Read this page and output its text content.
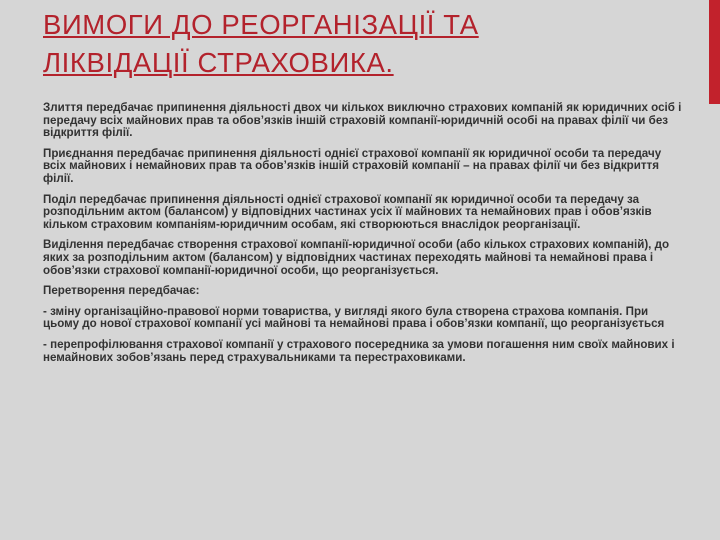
ВИМОГИ ДО РЕОРГАНІЗАЦІЇ ТА
ЛІКВІДАЦІЇ СТРАХОВИКА.

Злиття передбачає припинення діяльності двох чи кількох виключно страхових компаній як юридичних осіб і передачу всіх майнових прав та обов’язків іншій страховій компанії-юридичній особі на правах філії чи без відкриття філії.

Приєднання передбачає припинення діяльності однієї страхової компанії як юридичної особи та передачу всіх майнових і немайнових прав та обов’язків іншій страховій компанії – на правах філії чи без відкриття філії.

Поділ передбачає припинення діяльності однієї страхової компанії як юридичної особи та передачу за розподільним актом (балансом) у відповідних частинах усіх її майнових та немайнових прав і обов’язків кільком страховим компаніям-юридичним особам, які створюються внаслідок реорганізації.

Виділення передбачає створення страхової компанії-юридичної особи (або кількох страхових компаній), до яких за розподільним актом (балансом) у відповідних частинах переходять майнові та немайнові права і обов’язки страхової компанії-юридичної особи, що реорганізується.

Перетворення передбачає:

- зміну організаційно-правової норми товариства, у вигляді якого була створена страхова компанія. При цьому до нової страхової компанії усі майнові та немайнові права і обов’язки компанії, що реорганізується

- перепрофілювання страхової компанії у страхового посередника за умови погашення ним своїх майнових і немайнових зобов’язань перед страхувальниками та перестраховиками.
